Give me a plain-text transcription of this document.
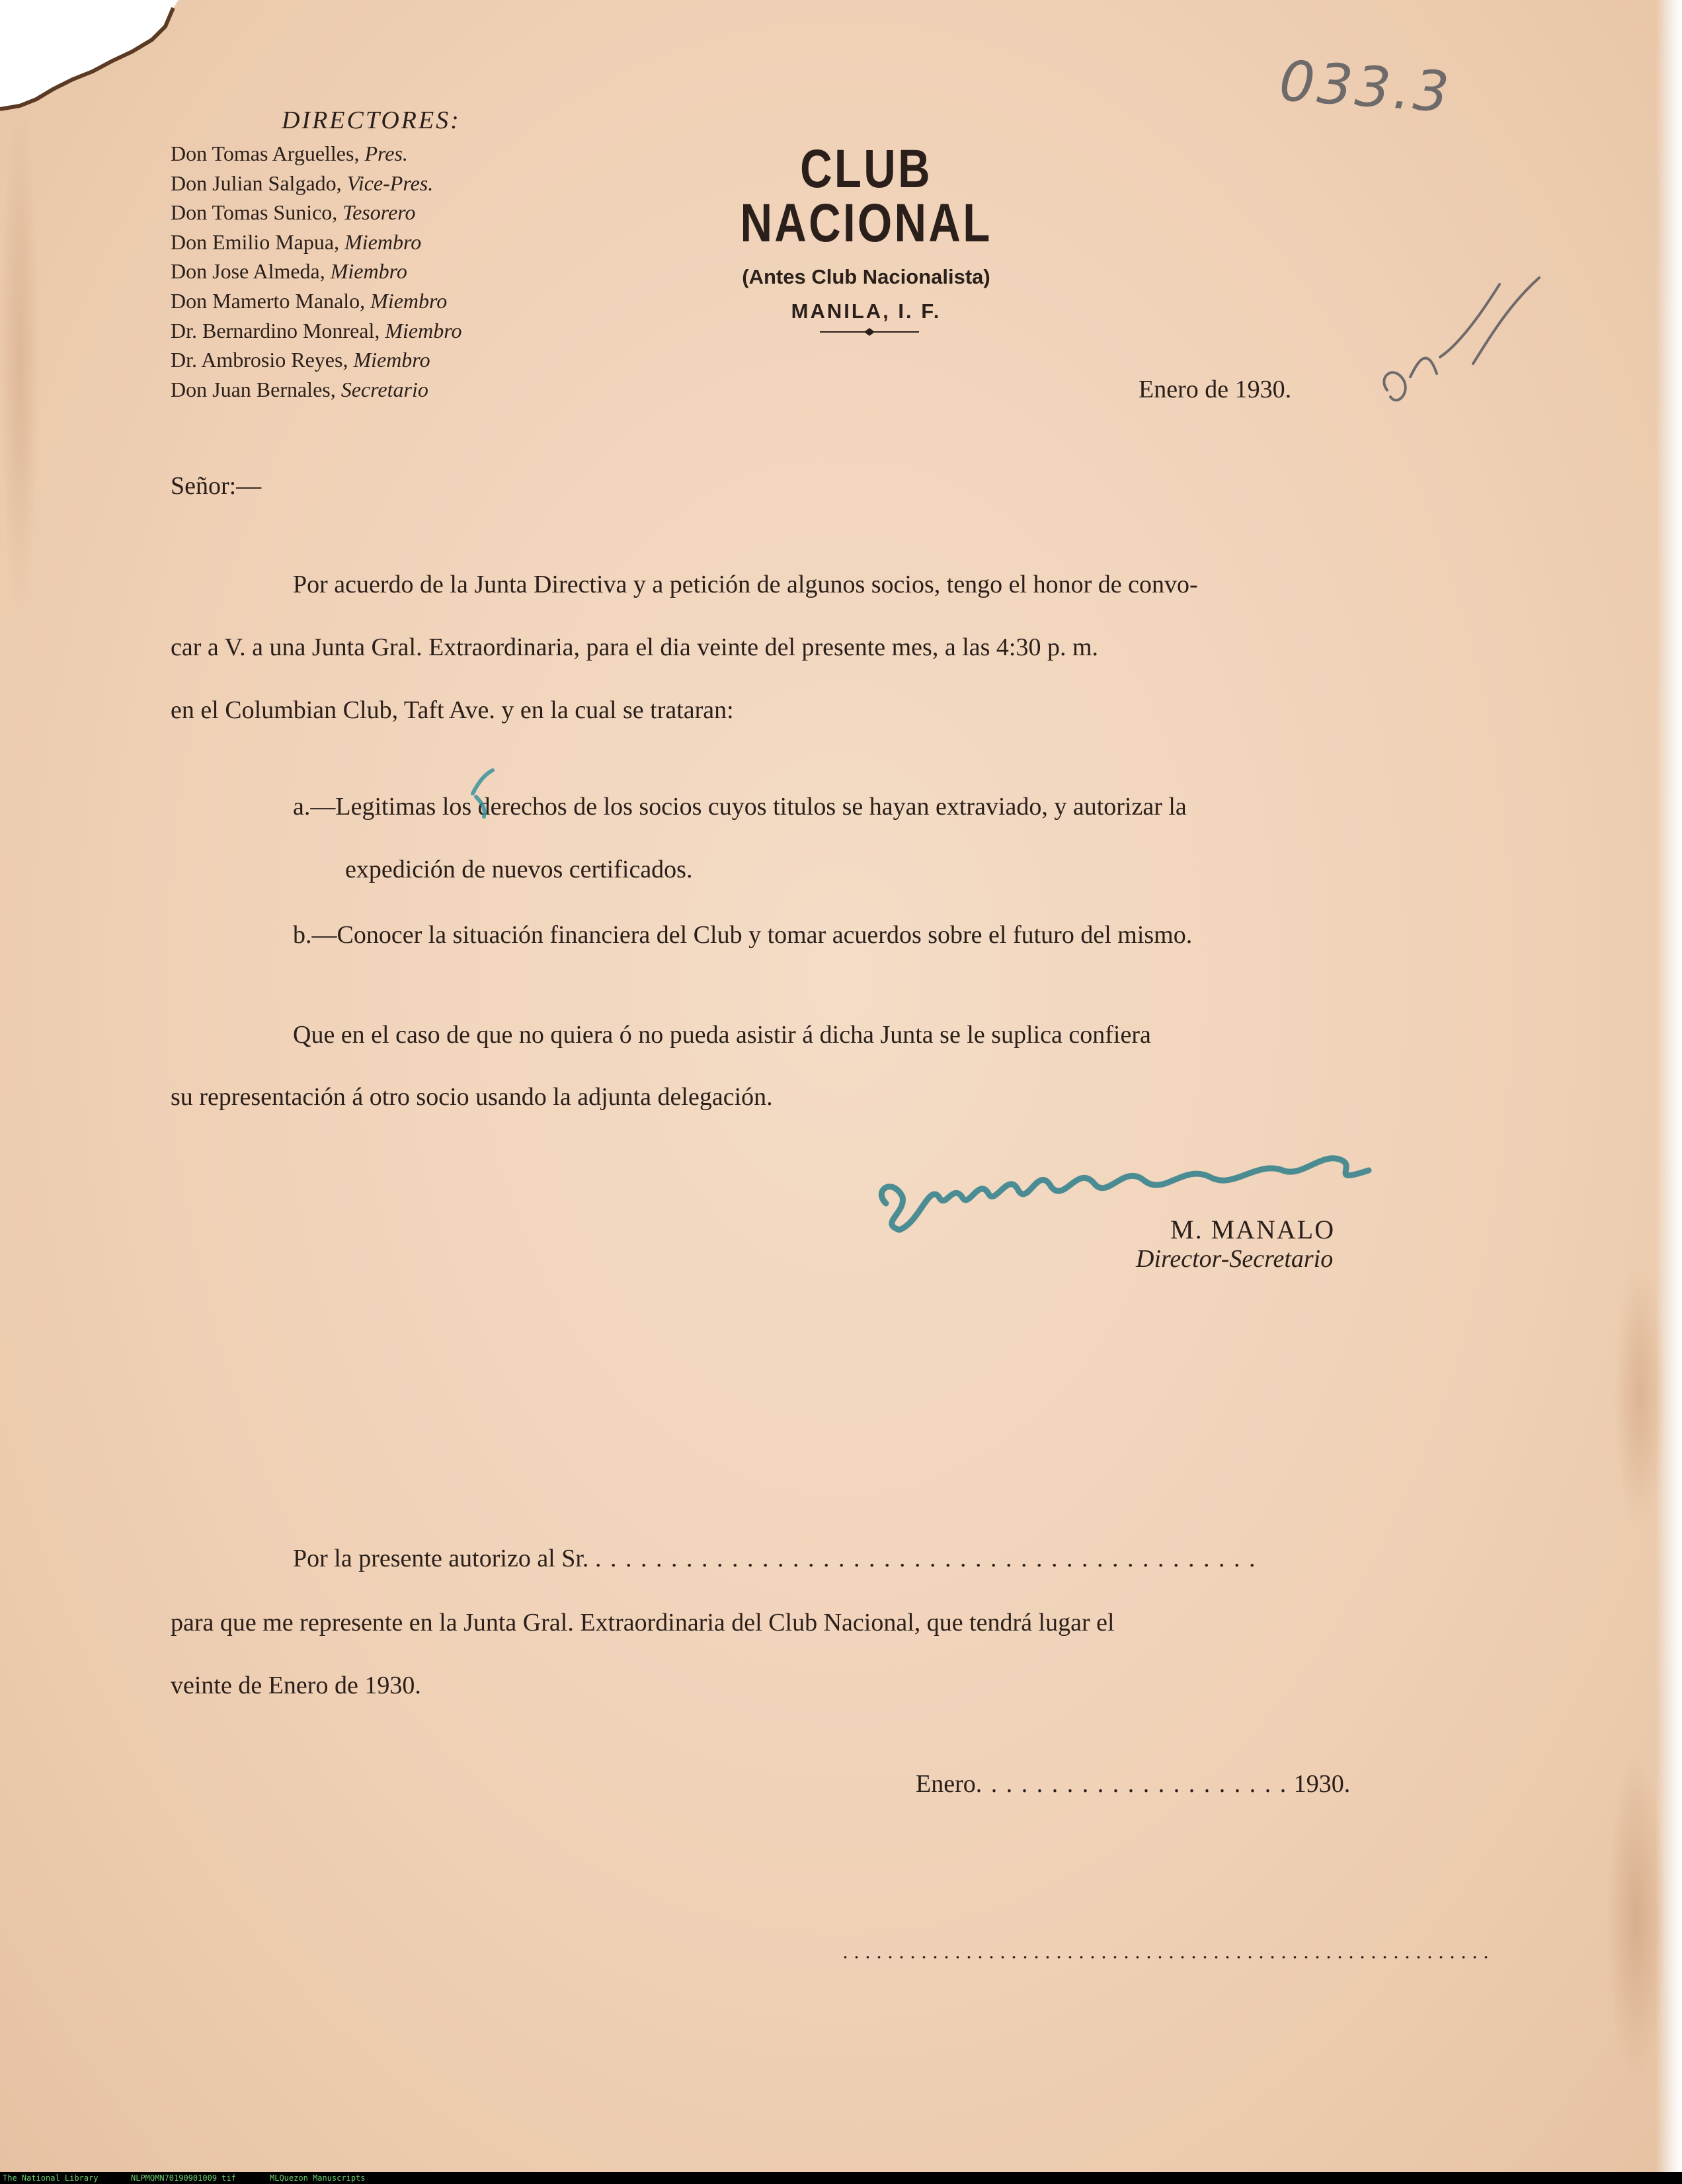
033.3
DIRECTORES:
Don Tomas Arguelles, Pres.
Don Julian Salgado, Vice-Pres.
Don Tomas Sunico, Tesorero
Don Emilio Mapua, Miembro
Don Jose Almeda, Miembro
Don Mamerto Manalo, Miembro
Dr. Bernardino Monreal, Miembro
Dr. Ambrosio Reyes, Miembro
Don Juan Bernales, Secretario
CLUB NACIONAL
(Antes Club Nacionalista)
MANILA, I. F.
Enero de 1930.
Señor:—
Por acuerdo de la Junta Directiva y a petición de algunos socios, tengo el honor de convo-
car a V. a una Junta Gral. Extraordinaria, para el dia veinte del presente mes, a las 4:30 p. m.
en el Columbian Club, Taft Ave. y en la cual se trataran:
a.—Legitimas los derechos de los socios cuyos titulos se hayan extraviado, y autorizar la
expedición de nuevos certificados.
b.—Conocer la situación financiera del Club y tomar acuerdos sobre el futuro del mismo.
Que en el caso de que no quiera ó no pueda asistir á dicha Junta se le suplica confiera
su representación á otro socio usando la adjunta delegación.
M. MANALO
Director-Secretario
Por la presente autorizo al Sr. . . . . . . . . . . . . . . . . . . . . . . . . . . . . . . . . . . . . . . . . . . . .
para que me represente en la Junta Gral. Extraordinaria del Club Nacional, que tendrá lugar el
veinte de Enero de 1930.
Enero. . . . . . . . . . . . . . . . . . . . . 1930.
The National Library	NLPMQMN70190901009 tif	MLQuezon Manuscripts
